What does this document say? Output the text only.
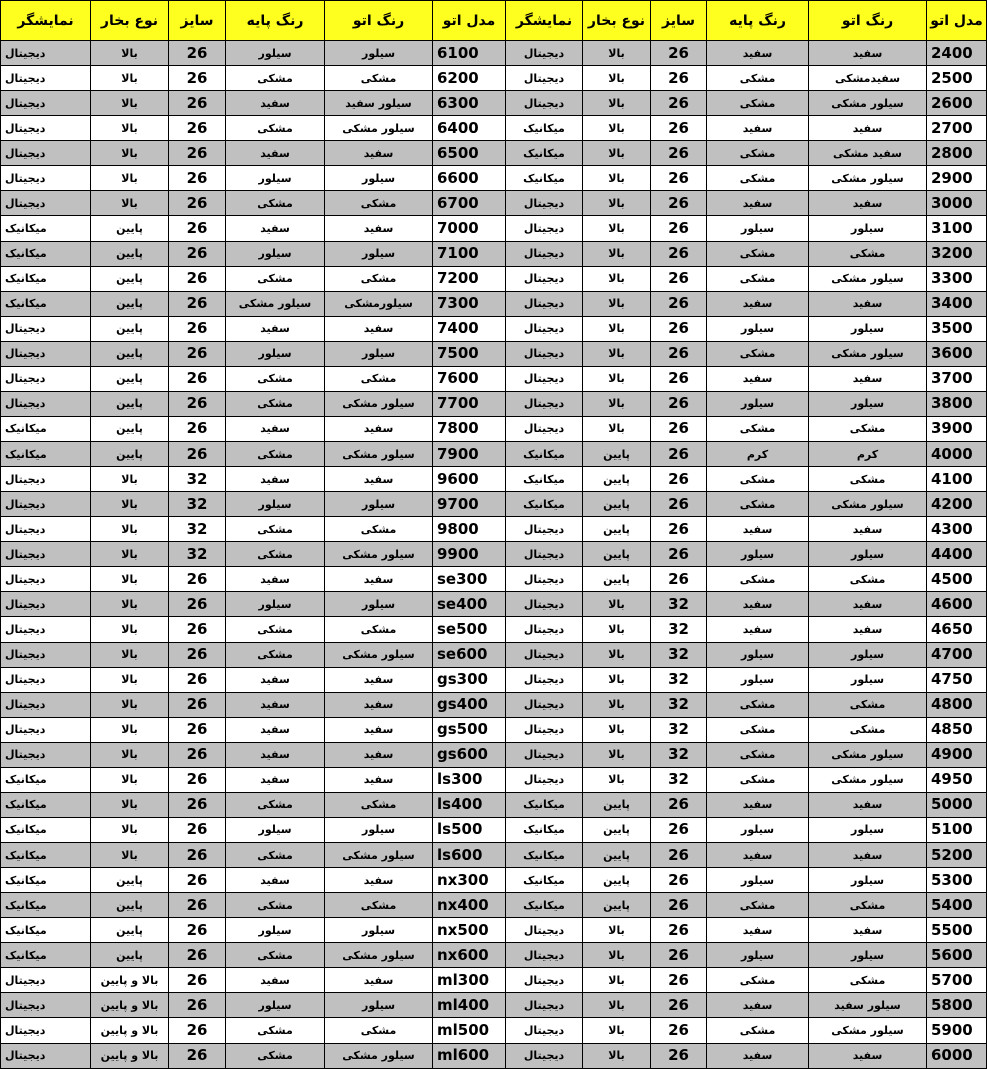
مدل اتو	رنگ اتو	رنگ پایه	سایز	نوع بخار	نمایشگر	مدل اتو	رنگ اتو	رنگ پایه	سایز	نوع بخار	نمایشگر
2400	سفید	سفید	26	بالا	دیجیتال	6100	سیلور	سیلور	26	بالا	دیجیتال
2500	سفیدمشکی	مشکی	26	بالا	دیجیتال	6200	مشکی	مشکی	26	بالا	دیجیتال
2600	سیلور مشکی	مشکی	26	بالا	دیجیتال	6300	سیلور سفید	سفید	26	بالا	دیجیتال
2700	سفید	سفید	26	بالا	میکانیک	6400	سیلور مشکی	مشکی	26	بالا	دیجیتال
2800	سفید مشکی	مشکی	26	بالا	میکانیک	6500	سفید	سفید	26	بالا	دیجیتال
2900	سیلور مشکی	مشکی	26	بالا	میکانیک	6600	سیلور	سیلور	26	بالا	دیجیتال
3000	سفید	سفید	26	بالا	دیجیتال	6700	مشکی	مشکی	26	بالا	دیجیتال
3100	سیلور	سیلور	26	بالا	دیجیتال	7000	سفید	سفید	26	پایین	میکانیک
3200	مشکی	مشکی	26	بالا	دیجیتال	7100	سیلور	سیلور	26	پایین	میکانیک
3300	سیلور مشکی	مشکی	26	بالا	دیجیتال	7200	مشکی	مشکی	26	پایین	میکانیک
3400	سفید	سفید	26	بالا	دیجیتال	7300	سیلورمشکی	سیلور مشکی	26	پایین	میکانیک
3500	سیلور	سیلور	26	بالا	دیجیتال	7400	سفید	سفید	26	پایین	دیجیتال
3600	سیلور مشکی	مشکی	26	بالا	دیجیتال	7500	سیلور	سیلور	26	پایین	دیجیتال
3700	سفید	سفید	26	بالا	دیجیتال	7600	مشکی	مشکی	26	پایین	دیجیتال
3800	سیلور	سیلور	26	بالا	دیجیتال	7700	سیلور مشکی	مشکی	26	پایین	دیجیتال
3900	مشکی	مشکی	26	بالا	دیجیتال	7800	سفید	سفید	26	پایین	میکانیک
4000	کرم	کرم	26	پایین	میکانیک	7900	سیلور مشکی	مشکی	26	پایین	میکانیک
4100	مشکی	مشکی	26	پایین	میکانیک	9600	سفید	سفید	32	بالا	دیجیتال
4200	سیلور مشکی	مشکی	26	پایین	میکانیک	9700	سیلور	سیلور	32	بالا	دیجیتال
4300	سفید	سفید	26	پایین	دیجیتال	9800	مشکی	مشکی	32	بالا	دیجیتال
4400	سیلور	سیلور	26	پایین	دیجیتال	9900	سیلور مشکی	مشکی	32	بالا	دیجیتال
4500	مشکی	مشکی	26	پایین	دیجیتال	se300	سفید	سفید	26	بالا	دیجیتال
4600	سفید	سفید	32	بالا	دیجیتال	se400	سیلور	سیلور	26	بالا	دیجیتال
4650	سفید	سفید	32	بالا	دیجیتال	se500	مشکی	مشکی	26	بالا	دیجیتال
4700	سیلور	سیلور	32	بالا	دیجیتال	se600	سیلور مشکی	مشکی	26	بالا	دیجیتال
4750	سیلور	سیلور	32	بالا	دیجیتال	gs300	سفید	سفید	26	بالا	دیجیتال
4800	مشکی	مشکی	32	بالا	دیجیتال	gs400	سفید	سفید	26	بالا	دیجیتال
4850	مشکی	مشکی	32	بالا	دیجیتال	gs500	سفید	سفید	26	بالا	دیجیتال
4900	سیلور مشکی	مشکی	32	بالا	دیجیتال	gs600	سفید	سفید	26	بالا	دیجیتال
4950	سیلور مشکی	مشکی	32	بالا	دیجیتال	ls300	سفید	سفید	26	بالا	میکانیک
5000	سفید	سفید	26	پایین	میکانیک	ls400	مشکی	مشکی	26	بالا	میکانیک
5100	سیلور	سیلور	26	پایین	میکانیک	ls500	سیلور	سیلور	26	بالا	میکانیک
5200	سفید	سفید	26	پایین	میکانیک	ls600	سیلور مشکی	مشکی	26	بالا	میکانیک
5300	سیلور	سیلور	26	پایین	میکانیک	nx300	سفید	سفید	26	پایین	میکانیک
5400	مشکی	مشکی	26	پایین	میکانیک	nx400	مشکی	مشکی	26	پایین	میکانیک
5500	سفید	سفید	26	بالا	دیجیتال	nx500	سیلور	سیلور	26	پایین	میکانیک
5600	سیلور	سیلور	26	بالا	دیجیتال	nx600	سیلور مشکی	مشکی	26	پایین	میکانیک
5700	مشکی	مشکی	26	بالا	دیجیتال	ml300	سفید	سفید	26	بالا و پایین	دیجیتال
5800	سیلور سفید	سفید	26	بالا	دیجیتال	ml400	سیلور	سیلور	26	بالا و پایین	دیجیتال
5900	سیلور مشکی	مشکی	26	بالا	دیجیتال	ml500	مشکی	مشکی	26	بالا و پایین	دیجیتال
6000	سفید	سفید	26	بالا	دیجیتال	ml600	سیلور مشکی	مشکی	26	بالا و پایین	دیجیتال
